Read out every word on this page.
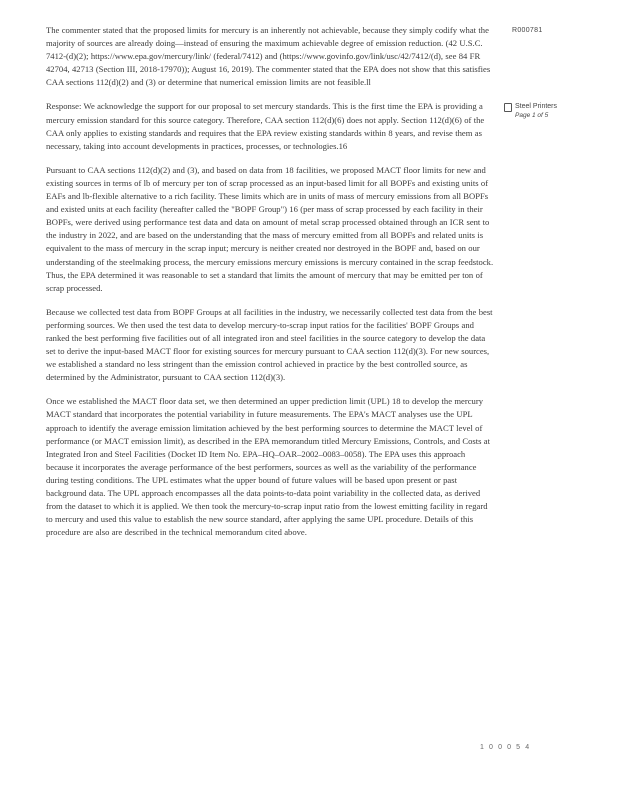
The commenter stated that the proposed limits for mercury is an inherently not achievable, because they simply codify what the majority of sources are already doing—instead of ensuring the maximum achievable degree of emission reduction. (42 U.S.C. 7412-(d)(2); https://www.epa.gov/mercury/link/ (federal/7412) and (https://www.govinfo.gov/link/usc/42/7412/(d), see 84 FR 42704, 42713 (Section III, 2018-17970)); August 16, 2019). The commenter stated that the EPA does not show that this satisfies CAA sections 112(d)(2) and (3) or determine that numerical emission limits are not feasible.ll

Response: We acknowledge the support for our proposal to set mercury standards. This is the first time the EPA is providing a mercury emission standard for this source category. Therefore, CAA section 112(d)(6) does not apply. Section 112(d)(6) of the CAA only applies to existing standards and requires that the EPA review existing standards within 8 years, and revise them as necessary, taking into account developments in practices, processes, or technologies.16

Pursuant to CAA sections 112(d)(2) and (3), and based on data from 18 facilities, we proposed MACT floor limits for new and existing sources in terms of lb of mercury per ton of scrap processed as an input-based limit for all BOPFs and existing units of EAFs and lb-flexible alternative to a rich facility. These limits which are in units of mass of mercury emissions from all BOPFs and existed units at each facility (hereafter called the "BOPF Group") 16 (per mass of scrap processed by each facility in their BOPFs, were derived using performance test data and data on amount of metal scrap processed obtained through an ICR sent to the industry in 2022, and are based on the understanding that the mass of mercury emitted from all BOPFs and related units is equivalent to the mass of mercury in the scrap input; mercury is neither created nor destroyed in the BOPF and, based on our understanding of the steelmaking process, the mercury emissions mercury emissions is mercury contained in the scrap feedstock. Thus, the EPA determined it was reasonable to set a standard that limits the amount of mercury that may be emitted per ton of scrap processed.

Because we collected test data from BOPF Groups at all facilities in the industry, we necessarily collected test data from the best performing sources. We then used the test data to develop mercury-to-scrap input ratios for the facilities' BOPF Groups and ranked the best performing five facilities out of all integrated iron and steel facilities in the source category to develop the data set to derive the input-based MACT floor for existing sources for mercury pursuant to CAA section 112(d)(3). For new sources, we established a standard no less stringent than the emission control achieved in practice by the best controlled source, as determined by the Administrator, pursuant to CAA section 112(d)(3).

Once we established the MACT floor data set, we then determined an upper prediction limit (UPL) 18 to develop the mercury MACT standard that incorporates the potential variability in future measurements. The EPA's MACT analyses use the UPL approach to identify the average emission limitation achieved by the best performing sources to determine the MACT level of performance (or MACT emission limit), as described in the EPA memorandum titled Mercury Emissions, Controls, and Costs at Integrated Iron and Steel Facilities (Docket ID Item No. EPA–HQ–OAR–2002–0083–0058). The EPA uses this approach because it incorporates the average performance of the best performers, sources as well as the variability of the performance during testing conditions. The UPL estimates what the upper bound of future values will be based upon present or past background data. The UPL approach encompasses all the data points-to-data point variability in the collected data, as derived from the dataset to which it is applied. We then took the mercury-to-scrap input ratio from the lowest emitting facility in regard to mercury and used this value to establish the new source standard, after applying the same UPL procedure. Details of this procedure are also are described in the technical memorandum cited above.

R000781
Steel Printers
Page 1 of 5
1 0 0 0 5 4
